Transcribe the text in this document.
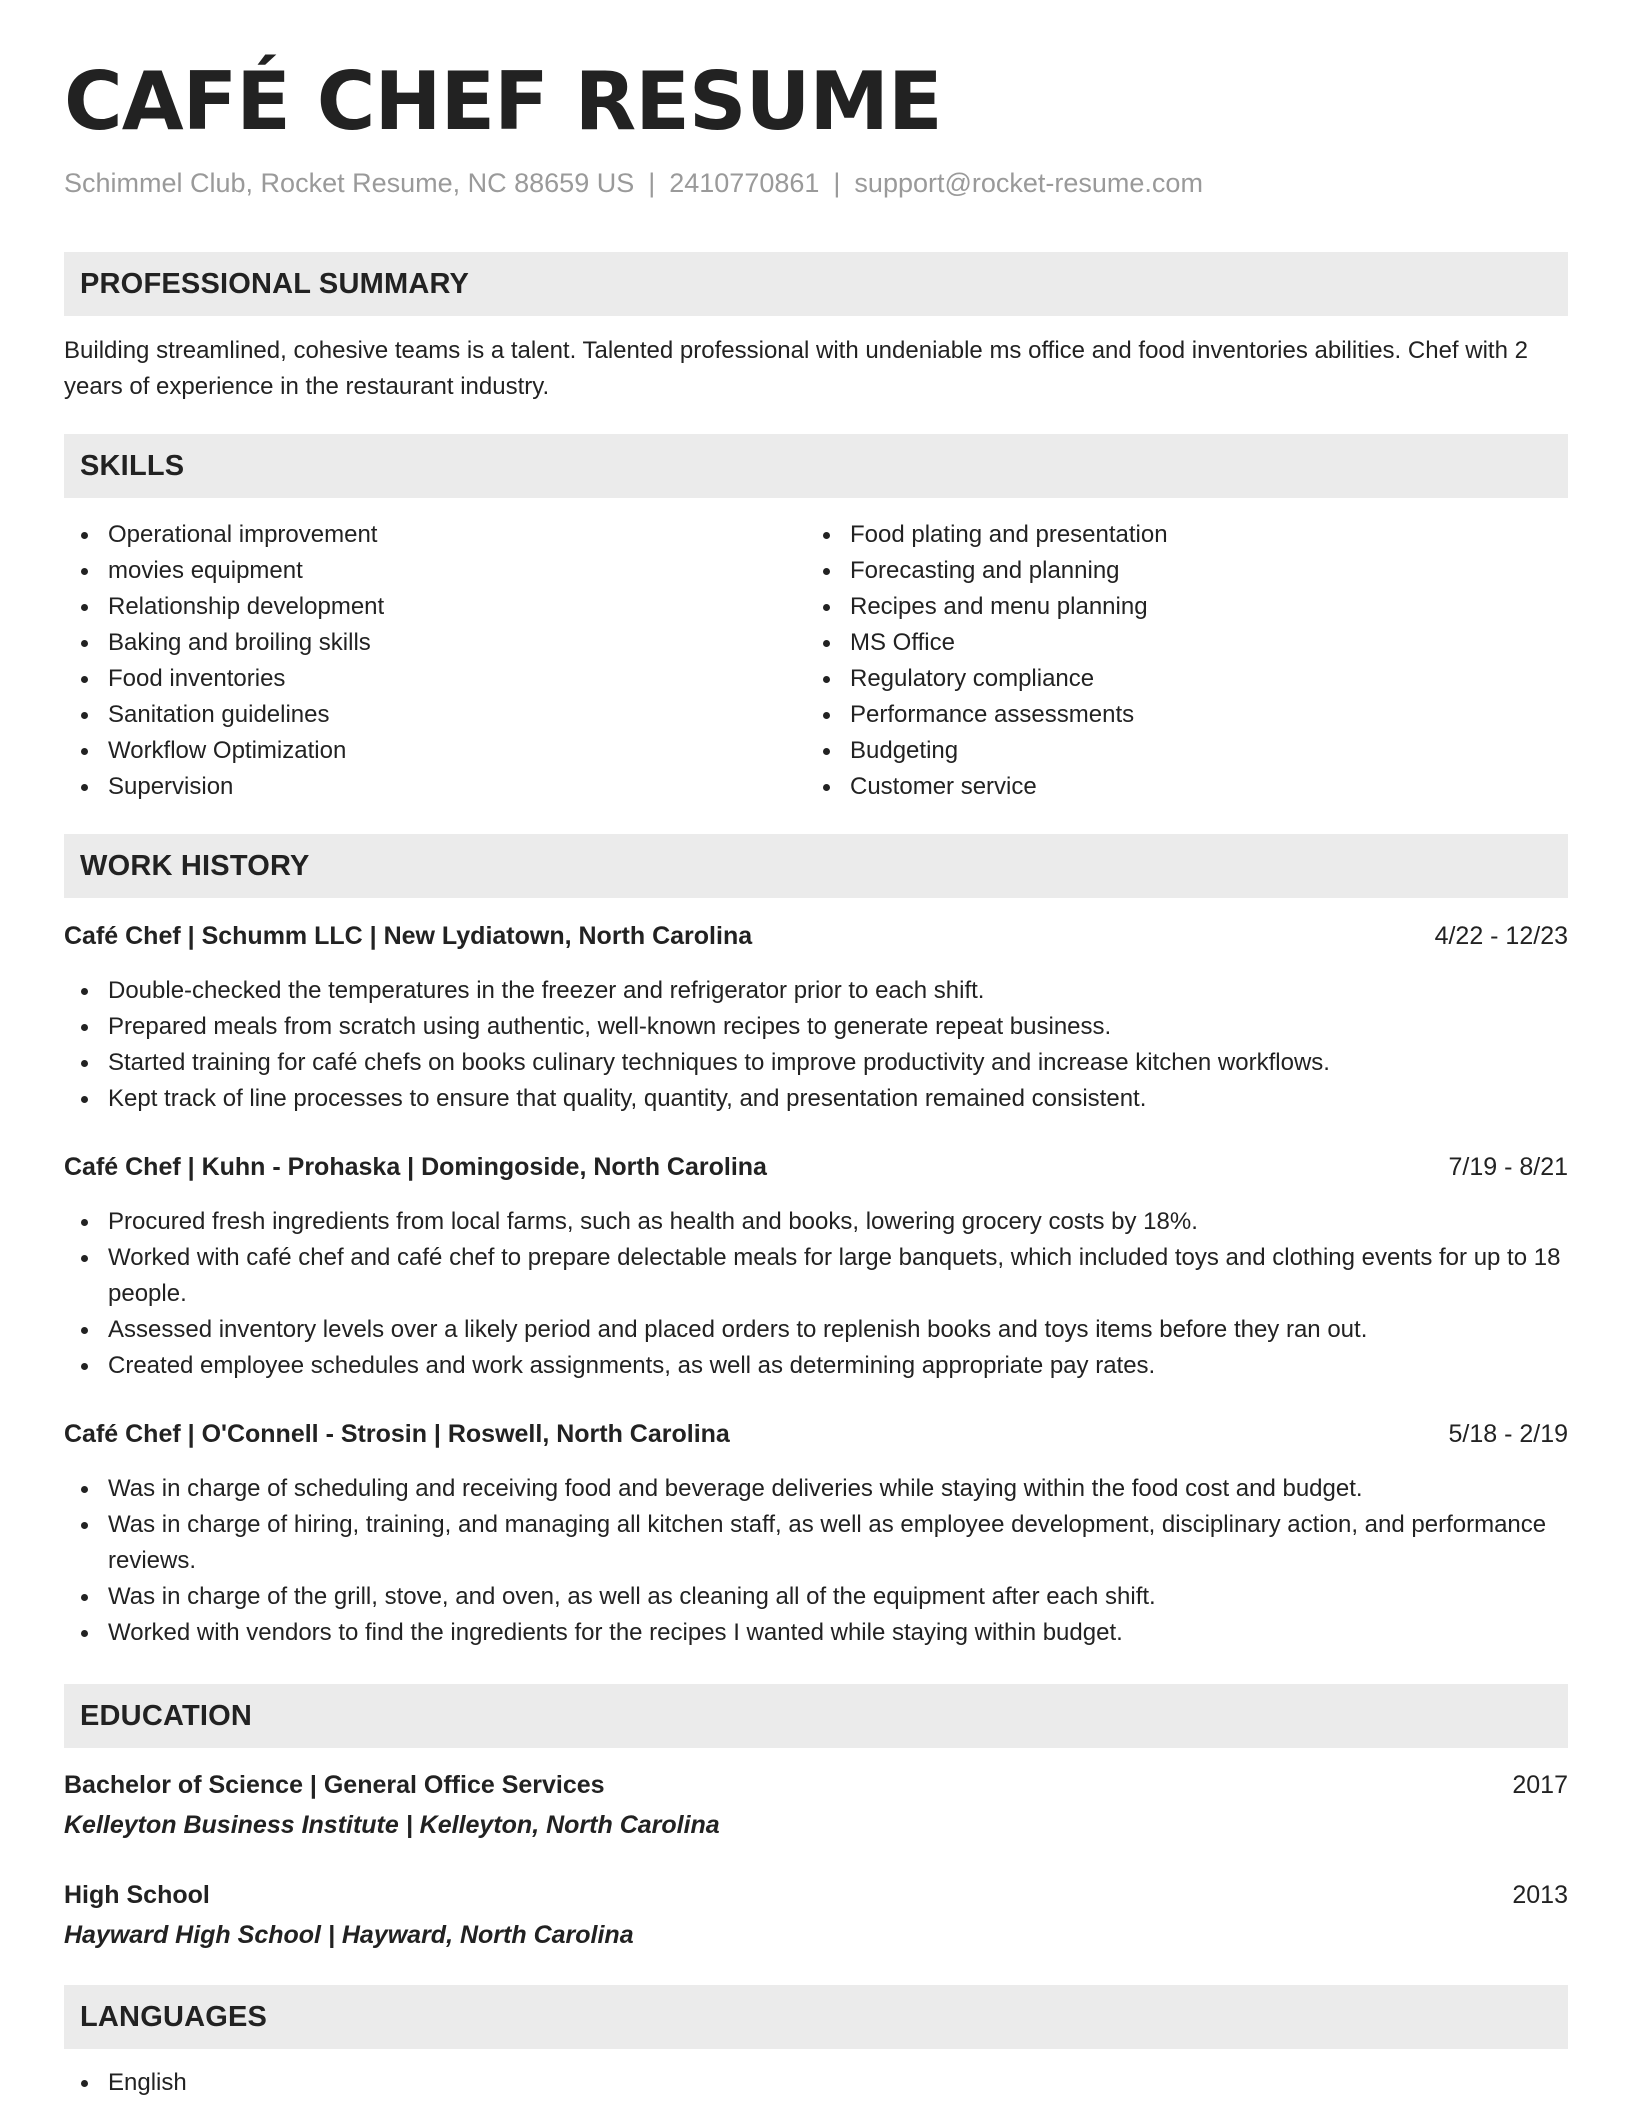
CAFÉ CHEF RESUME
Schimmel Club, Rocket Resume, NC 88659 US | 2410770861 | support@rocket-resume.com
PROFESSIONAL SUMMARY

Building streamlined, cohesive teams is a talent. Talented professional with undeniable ms office and food inventories abilities. Chef with 2 years of experience in the restaurant industry.

SKILLS
Operational improvement
movies equipment
Relationship development
Baking and broiling skills
Food inventories
Sanitation guidelines
Workflow Optimization
Supervision
Food plating and presentation
Forecasting and planning
Recipes and menu planning
MS Office
Regulatory compliance
Performance assessments
Budgeting
Customer service
WORK HISTORY
Café Chef | Schumm LLC | New Lydiatown, North Carolina	4/22 - 12/23
Double-checked the temperatures in the freezer and refrigerator prior to each shift.
Prepared meals from scratch using authentic, well-known recipes to generate repeat business.
Started training for café chefs on books culinary techniques to improve productivity and increase kitchen workflows.
Kept track of line processes to ensure that quality, quantity, and presentation remained consistent.
Café Chef | Kuhn - Prohaska | Domingoside, North Carolina	7/19 - 8/21
Procured fresh ingredients from local farms, such as health and books, lowering grocery costs by 18%.
Worked with café chef and café chef to prepare delectable meals for large banquets, which included toys and clothing events for up to 18 people.
Assessed inventory levels over a likely period and placed orders to replenish books and toys items before they ran out.
Created employee schedules and work assignments, as well as determining appropriate pay rates.
Café Chef | O'Connell - Strosin | Roswell, North Carolina	5/18 - 2/19
Was in charge of scheduling and receiving food and beverage deliveries while staying within the food cost and budget.
Was in charge of hiring, training, and managing all kitchen staff, as well as employee development, disciplinary action, and performance reviews.
Was in charge of the grill, stove, and oven, as well as cleaning all of the equipment after each shift.
Worked with vendors to find the ingredients for the recipes I wanted while staying within budget.
EDUCATION
Bachelor of Science | General Office Services	2017
Kelleyton Business Institute | Kelleyton, North Carolina
High School	2013
Hayward High School | Hayward, North Carolina
LANGUAGES
English
